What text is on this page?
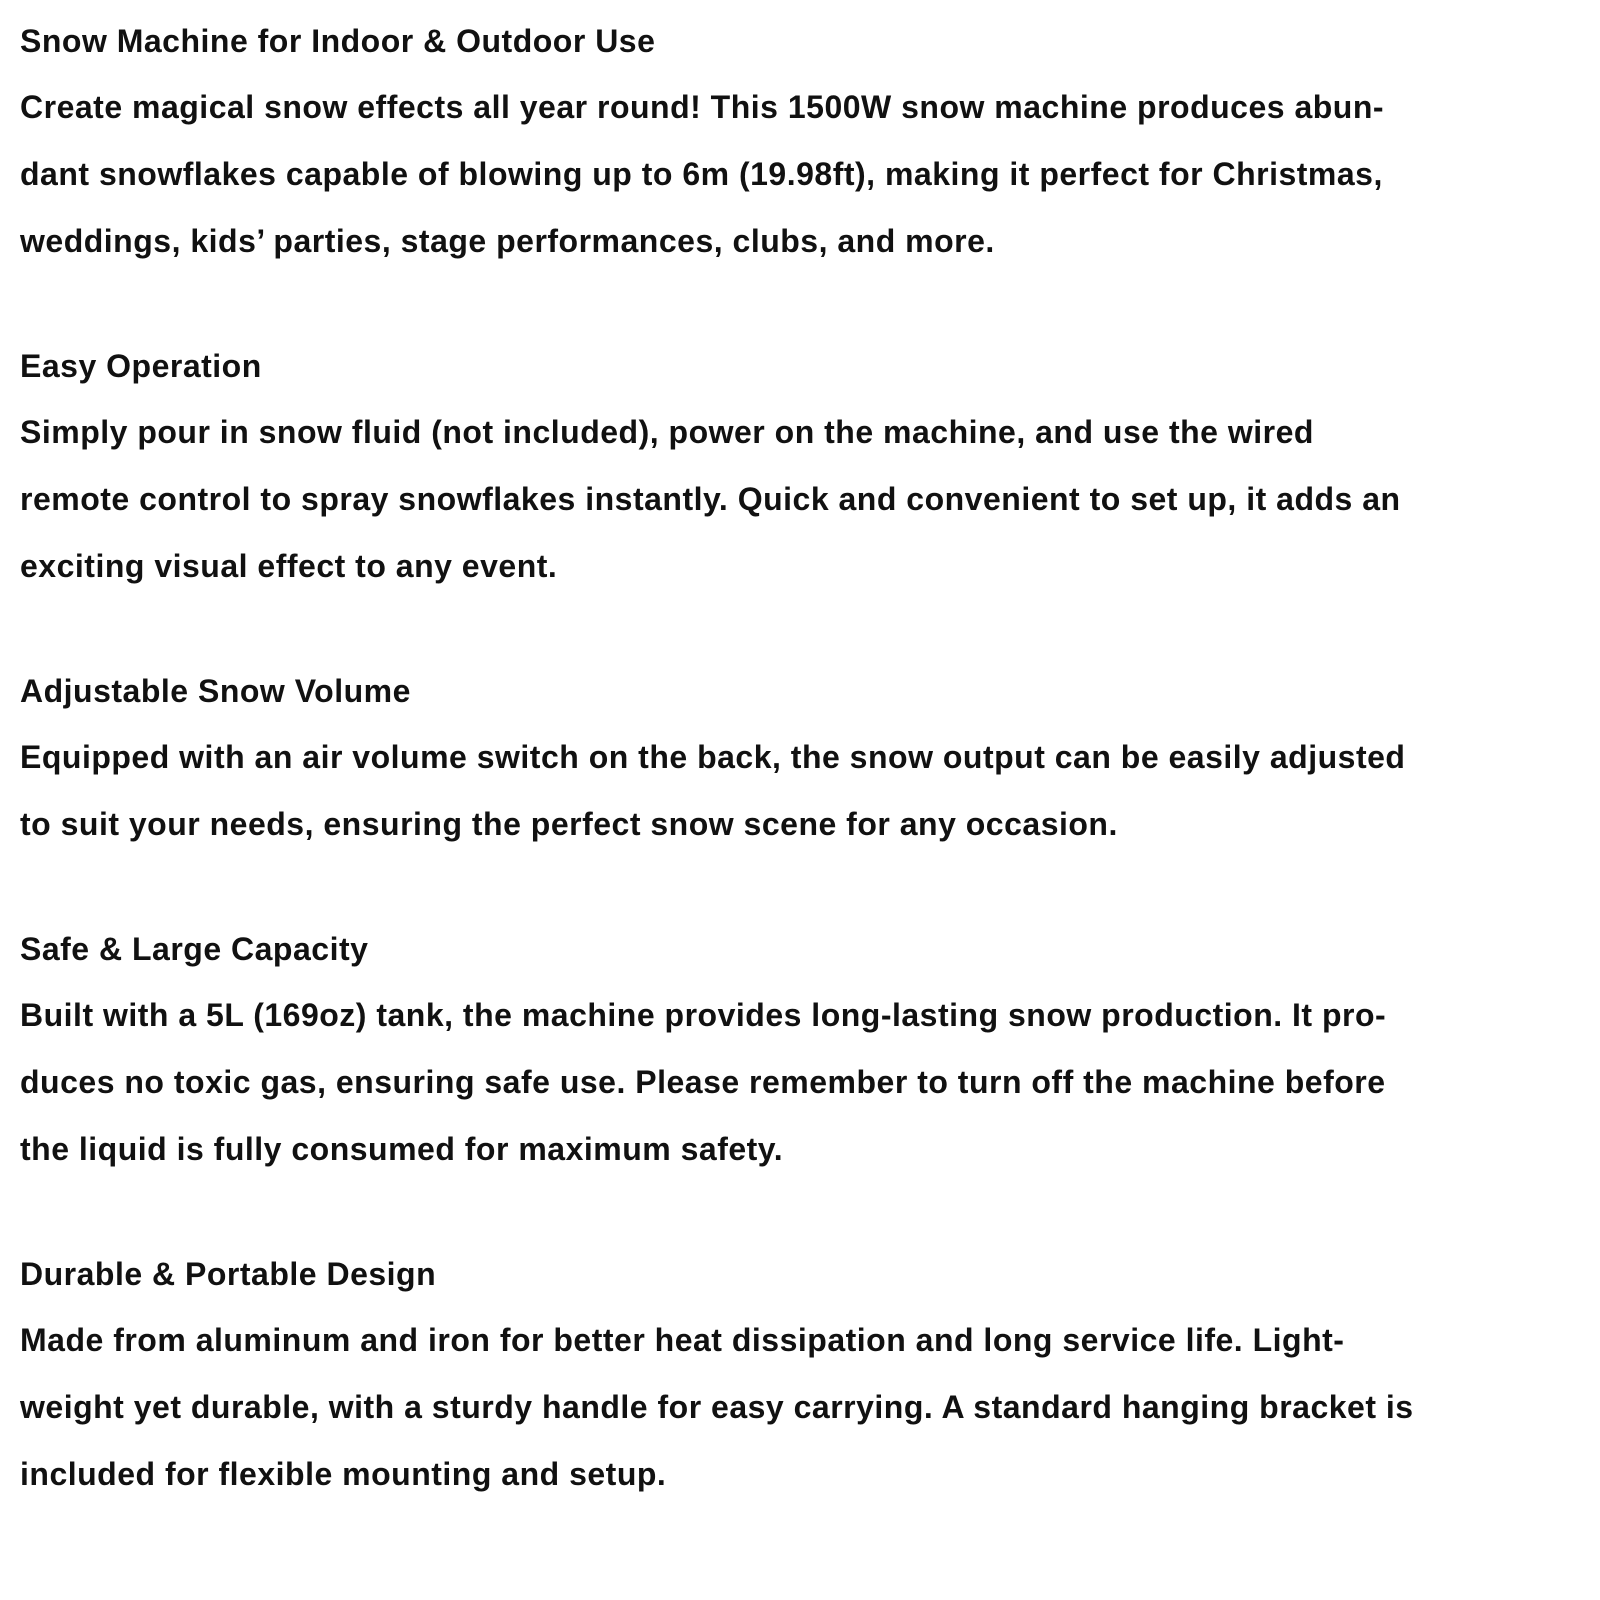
Snow Machine for Indoor & Outdoor Use

Create magical snow effects all year round! This 1500W snow machine produces abun-

dant snowflakes capable of blowing up to 6m (19.98ft), making it perfect for Christmas,

weddings, kids’ parties, stage performances, clubs, and more.

Easy Operation

Simply pour in snow fluid (not included), power on the machine, and use the wired

remote control to spray snowflakes instantly. Quick and convenient to set up, it adds an

exciting visual effect to any event.

Adjustable Snow Volume

Equipped with an air volume switch on the back, the snow output can be easily adjusted

to suit your needs, ensuring the perfect snow scene for any occasion.

Safe & Large Capacity

Built with a 5L (169oz) tank, the machine provides long-lasting snow production. It pro-

duces no toxic gas, ensuring safe use. Please remember to turn off the machine before

the liquid is fully consumed for maximum safety.

Durable & Portable Design

Made from aluminum and iron for better heat dissipation and long service life. Light-

weight yet durable, with a sturdy handle for easy carrying. A standard hanging bracket is

included for flexible mounting and setup.
